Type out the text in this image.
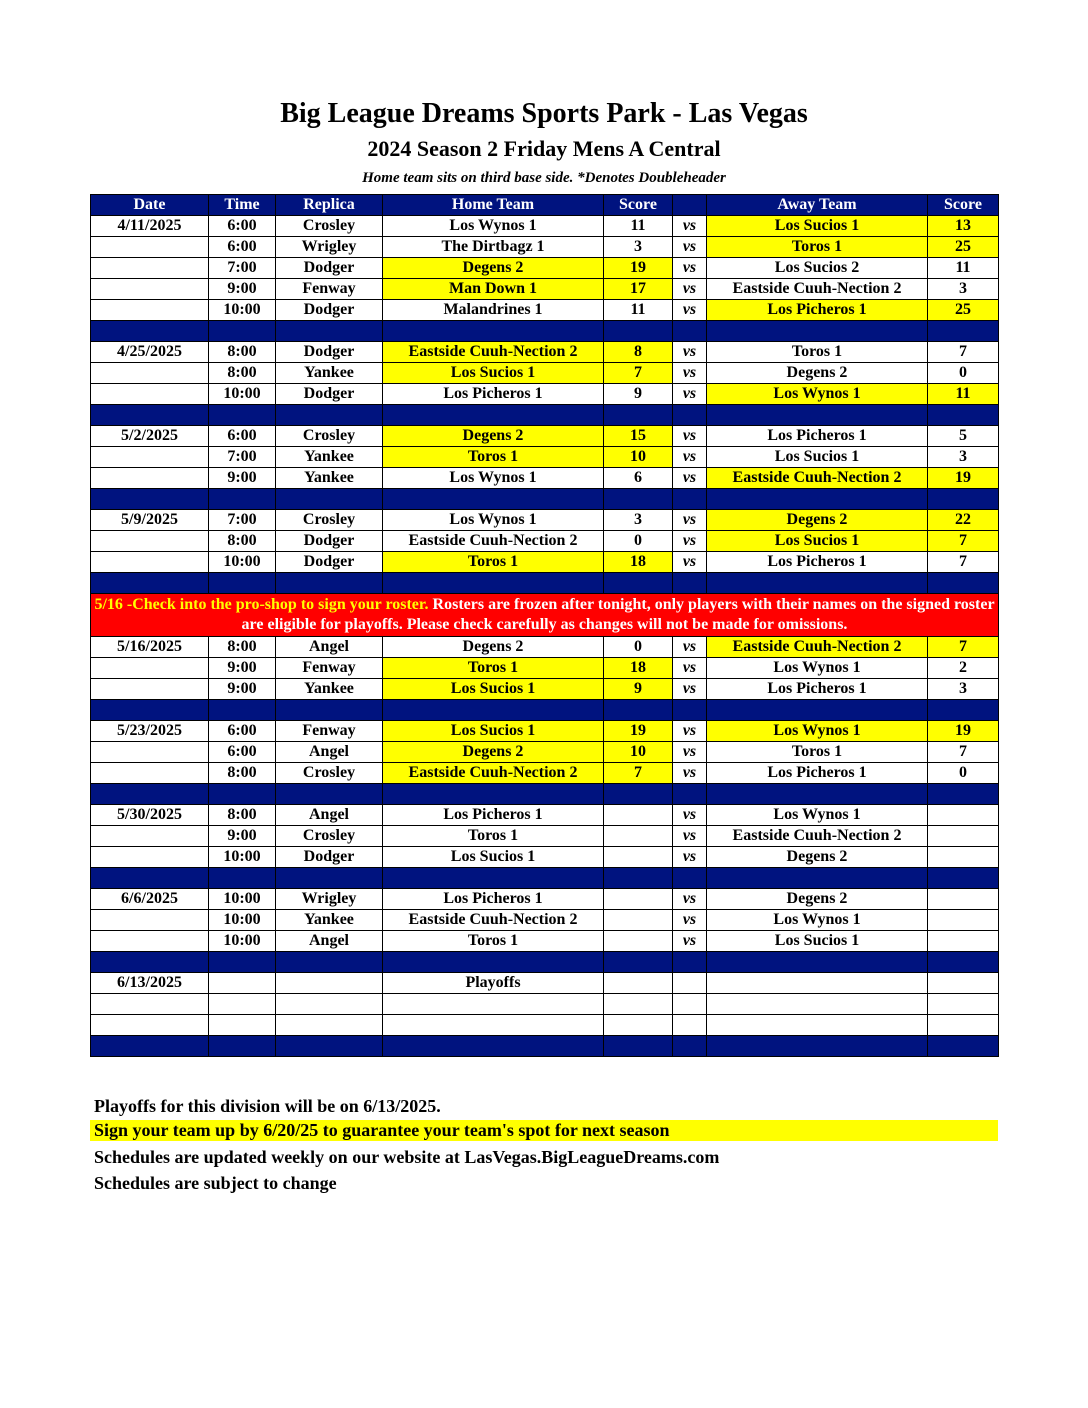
Big League Dreams Sports Park - Las Vegas
2024 Season 2 Friday Mens A Central
Home team sits on third base side. *Denotes Doubleheader
Date	Time	Replica	Home Team	Score		Away Team	Score
4/11/2025	6:00	Crosley	Los Wynos 1	11	vs	Los Sucios 1	13
	6:00	Wrigley	The Dirtbagz 1	3	vs	Toros 1	25
	7:00	Dodger	Degens 2	19	vs	Los Sucios 2	11
	9:00	Fenway	Man Down 1	17	vs	Eastside Cuuh-Nection 2	3
	10:00	Dodger	Malandrines 1	11	vs	Los Picheros 1	25

4/25/2025	8:00	Dodger	Eastside Cuuh-Nection 2	8	vs	Toros 1	7
	8:00	Yankee	Los Sucios 1	7	vs	Degens 2	0
	10:00	Dodger	Los Picheros 1	9	vs	Los Wynos 1	11

5/2/2025	6:00	Crosley	Degens 2	15	vs	Los Picheros 1	5
	7:00	Yankee	Toros 1	10	vs	Los Sucios 1	3
	9:00	Yankee	Los Wynos 1	6	vs	Eastside Cuuh-Nection 2	19

5/9/2025	7:00	Crosley	Los Wynos 1	3	vs	Degens 2	22
	8:00	Dodger	Eastside Cuuh-Nection 2	0	vs	Los Sucios 1	7
	10:00	Dodger	Toros 1	18	vs	Los Picheros 1	7

5/16 -Check into the pro-shop to sign your roster. Rosters are frozen after tonight, only players with their names on the signed roster are eligible for playoffs. Please check carefully as changes will not be made for omissions.							
5/16/2025	8:00	Angel	Degens 2	0	vs	Eastside Cuuh-Nection 2	7
	9:00	Fenway	Toros 1	18	vs	Los Wynos 1	2
	9:00	Yankee	Los Sucios 1	9	vs	Los Picheros 1	3

5/23/2025	6:00	Fenway	Los Sucios 1	19	vs	Los Wynos 1	19
	6:00	Angel	Degens 2	10	vs	Toros 1	7
	8:00	Crosley	Eastside Cuuh-Nection 2	7	vs	Los Picheros 1	0

5/30/2025	8:00	Angel	Los Picheros 1		vs	Los Wynos 1	
	9:00	Crosley	Toros 1		vs	Eastside Cuuh-Nection 2	
	10:00	Dodger	Los Sucios 1		vs	Degens 2	

6/6/2025	10:00	Wrigley	Los Picheros 1		vs	Degens 2	
	10:00	Yankee	Eastside Cuuh-Nection 2		vs	Los Wynos 1	
	10:00	Angel	Toros 1		vs	Los Sucios 1	

6/13/2025			Playoffs				

Playoffs for this division will be on 6/13/2025.
Sign your team up by 6/20/25 to guarantee your team's spot for next season
Schedules are updated weekly on our website at LasVegas.BigLeagueDreams.com
Schedules are subject to change
